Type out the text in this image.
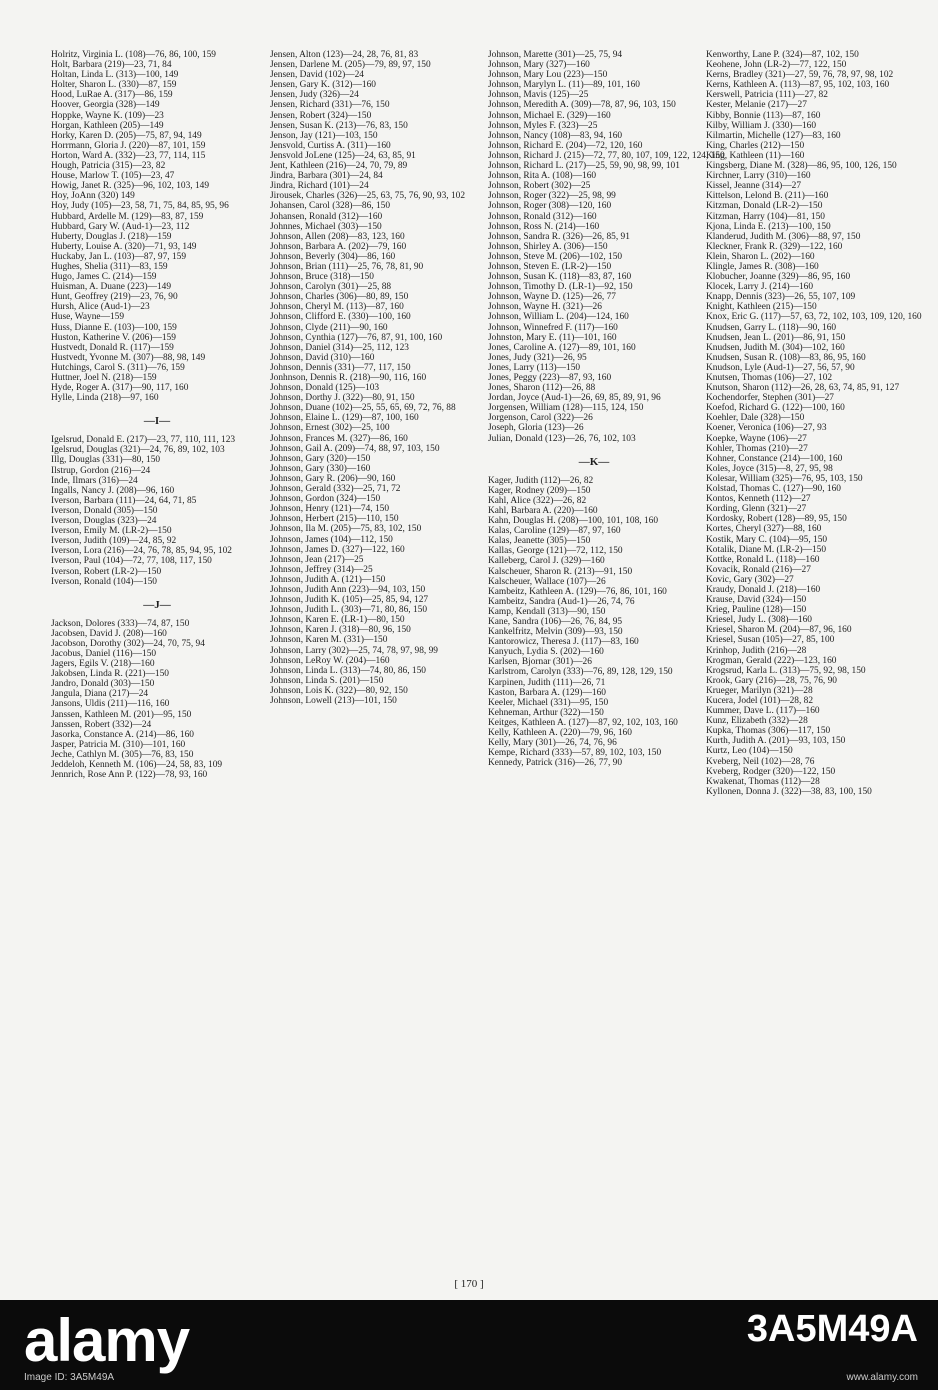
Holritz, Virginia L. (108)—76, 86, 100, 159
Holt, Barbara (219)—23, 71, 84
Holtan, Linda L. (313)—100, 149
Holter, Sharon L. (330)—87, 159
Hood, LuRae A. (317)—86, 159
Hoover, Georgia (328)—149
Hoppke, Wayne K. (109)—23
Horgan, Kathleen (205)—149
Horky, Karen D. (205)—75, 87, 94, 149
Horrmann, Gloria J. (220)—87, 101, 159
Horton, Ward A. (332)—23, 77, 114, 115
Hough, Patricia (315)—23, 82
House, Marlow T. (105)—23, 47
Howig, Janet R. (325)—96, 102, 103, 149
Hoy, JoAnn (320) 149
Hoy, Judy (105)—23, 58, 71, 75, 84, 85, 95, 96
Hubbard, Ardelle M. (129)—83, 87, 159
Hubbard, Gary W. (Aud-1)—23, 112
Huberty, Douglas J. (218)—159
Huberty, Louise A. (320)—71, 93, 149
Huckaby, Jan L. (103)—87, 97, 159
Hughes, Shelia (311)—83, 159
Hugo, James C. (214)—159
Huisman, A. Duane (223)—149
Hunt, Geoffrey (219)—23, 76, 90
Hursh, Alice (Aud-1)—23
Huse, Wayne—159
Huss, Dianne E. (103)—100, 159
Huston, Katherine V. (206)—159
Hustvedt, Donald R. (117)—159
Hustvedt, Yvonne M. (307)—88, 98, 149
Hutchings, Carol S. (311)—76, 159
Huttner, Joel N. (218)—159
Hyde, Roger A. (317)—90, 117, 160
Hylle, Linda (218)—97, 160
—I—
Igelsrud, Donald E. (217)—23, 77, 110, 111, 123
Igelsrud, Douglas (321)—24, 76, 89, 102, 103
Illg, Douglas (331)—80, 150
Ilstrup, Gordon (216)—24
Inde, Ilmars (316)—24
Ingalls, Nancy J. (208)—96, 160
Iverson, Barbara (111)—24, 64, 71, 85
Iverson, Donald (305)—150
Iverson, Douglas (323)—24
Iverson, Emily M. (LR-2)—150
Iverson, Judith (109)—24, 85, 92
Iverson, Lora (216)—24, 76, 78, 85, 94, 95, 102
Iverson, Paul (104)—72, 77, 108, 117, 150
Iverson, Robert (LR-2)—150
Iverson, Ronald (104)—150
—J—
Jackson, Dolores (333)—74, 87, 150
Jacobsen, David J. (208)—160
Jacobson, Dorothy (302)—24, 70, 75, 94
Jacobus, Daniel (116)—150
Jagers, Egils V. (218)—160
Jakobsen, Linda R. (221)—150
Jandro, Donald (303)—150
Jangula, Diana (217)—24
Jansons, Uldis (211)—116, 160
Janssen, Kathleen M. (201)—95, 150
Janssen, Robert (332)—24
Jasorka, Constance A. (214)—86, 160
Jasper, Patricia M. (310)—101, 160
Jeche, Cathlyn M. (305)—76, 83, 150
Jeddeloh, Kenneth M. (106)—24, 58, 83, 109
Jennrich, Rose Ann P. (122)—78, 93, 160
Jensen, Alton (123)—24, 28, 76, 81, 83
Jensen, Darlene M. (205)—79, 89, 97, 150
Jensen, David (102)—24
Jensen, Gary K. (312)—160
Jensen, Judy (326)—24
Jensen, Richard (331)—76, 150
Jensen, Robert (324)—150
Jensen, Susan K. (213)—76, 83, 150
Jenson, Jay (121)—103, 150
Jensvold, Curtiss A. (311)—160
Jensvold JoLene (125)—24, 63, 85, 91
Jent, Kathleen (216)—24, 70, 79, 89
Jindra, Barbara (301)—24, 84
Jindra, Richard (101)—24
Jirousek, Charles (326)—25, 63, 75, 76, 90, 93, 102
Johansen, Carol (328)—86, 150
Johansen, Ronald (312)—160
Johnnes, Michael (303)—150
Johnson, Allen (208)—83, 123, 160
Johnson, Barbara A. (202)—79, 160
Johnson, Beverly (304)—86, 160
Johnson, Brian (111)—25, 76, 78, 81, 90
Johnson, Bruce (318)—150
Johnson, Carolyn (301)—25, 88
Johnson, Charles (306)—80, 89, 150
Johnson, Cheryl M. (113)—87, 160
Johnson, Clifford E. (330)—100, 160
Johnson, Clyde (211)—90, 160
Johnson, Cynthia (127)—76, 87, 91, 100, 160
Johnson, Daniel (314)—25, 112, 123
Johnson, David (310)—160
Johnson, Dennis (331)—77, 117, 150
Jonhnson, Dennis R. (218)—90, 116, 160
Johnson, Donald (125)—103
Johnson, Dorthy J. (322)—80, 91, 150
Johnson, Duane (102)—25, 55, 65, 69, 72, 76, 88
Johnson, Elaine L. (129)—87, 100, 160
Johnson, Ernest (302)—25, 100
Johnson, Frances M. (327)—86, 160
Johnson, Gail A. (209)—74, 88, 97, 103, 150
Johnson, Gary (320)—150
Johnson, Gary (330)—160
Johnson, Gary R. (206)—90, 160
Johnson, Gerald (332)—25, 71, 72
Johnson, Gordon (324)—150
Johnson, Henry (121)—74, 150
Johnson, Herbert (215)—110, 150
Johnson, Ila M. (205)—75, 83, 102, 150
Johnson, James (104)—112, 150
Johnson, James D. (327)—122, 160
Johnson, Jean (217)—25
Johnson, Jeffrey (314)—25
Johnson, Judith A. (121)—150
Johnson, Judith Ann (223)—94, 103, 150
Johnson, Judith K. (105)—25, 85, 94, 127
Johnson, Judith L. (303)—71, 80, 86, 150
Johnson, Karen E. (LR-1)—80, 150
Johnson, Karen J. (318)—80, 96, 150
Johnson, Karen M. (331)—150
Johnson, Larry (302)—25, 74, 78, 97, 98, 99
Johnson, LeRoy W. (204)—160
Johnson, Linda L. (313)—74, 80, 86, 150
Johnson, Linda S. (201)—150
Johnson, Lois K. (322)—80, 92, 150
Johnson, Lowell (213)—101, 150
Johnson, Marette (301)—25, 75, 94
Johnson, Mary (327)—160
Johnson, Mary Lou (223)—150
Johnson, Marylyn L. (11)—89, 101, 160
Johnson, Mavis (125)—25
Johnson, Meredith A. (309)—78, 87, 96, 103, 150
Johnson, Michael E. (329)—160
Johnson, Myles F. (323)—25
Johnson, Nancy (108)—83, 94, 160
Johnson, Richard E. (204)—72, 120, 160
Johnson, Richard J. (215)—72, 77, 80, 107, 109, 122, 124, 150
Johnson, Richard L. (217)—25, 59, 90, 98, 99, 101
Johnson, Rita A. (108)—160
Johnson, Robert (302)—25
Johnson, Roger (322)—25, 98, 99
Johnson, Roger (308)—120, 160
Johnson, Ronald (312)—160
Johnson, Ross N. (214)—160
Johnson, Sandra R. (326)—26, 85, 91
Johnson, Shirley A. (306)—150
Johnson, Steve M. (206)—102, 150
Johnson, Steven E. (LR-2)—150
Johnson, Susan K. (118)—83, 87, 160
Johnson, Timothy D. (LR-1)—92, 150
Johnson, Wayne D. (125)—26, 77
Johnson, Wayne H. (321)—26
Johnson, William L. (204)—124, 160
Johnson, Winnefred F. (117)—160
Johnston, Mary E. (11)—101, 160
Jones, Caroline A. (127)—89, 101, 160
Jones, Judy (321)—26, 95
Jones, Larry (113)—150
Jones, Peggy (223)—87, 93, 160
Jones, Sharon (112)—26, 88
Jordan, Joyce (Aud-1)—26, 69, 85, 89, 91, 96
Jorgensen, William (128)—115, 124, 150
Jorgenson, Carol (322)—26
Joseph, Gloria (123)—26
Julian, Donald (123)—26, 76, 102, 103
—K—
Kager, Judith (112)—26, 82
Kager, Rodney (209)—150
Kahl, Alice (322)—26, 82
Kahl, Barbara A. (220)—160
Kahn, Douglas H. (208)—100, 101, 108, 160
Kalas, Caroline (129)—87, 97, 160
Kalas, Jeanette (305)—150
Kallas, George (121)—72, 112, 150
Kalleberg, Carol J. (329)—160
Kalscheuer, Sharon R. (213)—91, 150
Kalscheuer, Wallace (107)—26
Kambeitz, Kathleen A. (129)—76, 86, 101, 160
Kambeitz, Sandra (Aud-1)—26, 74, 76
Kamp, Kendall (313)—90, 150
Kane, Sandra (106)—26, 76, 84, 95
Kankelfritz, Melvin (309)—93, 150
Kantorowicz, Theresa J. (117)—83, 160
Kanyuch, Lydia S. (202)—160
Karlsen, Bjornar (301)—26
Karlstrom, Carolyn (333)—76, 89, 128, 129, 150
Karpinen, Judith (111)—26, 71
Kaston, Barbara A. (129)—160
Keeler, Michael (331)—95, 150
Kehneman, Arthur (322)—150
Keitges, Kathleen A. (127)—87, 92, 102, 103, 160
Kelly, Kathleen A. (220)—79, 96, 160
Kelly, Mary (301)—26, 74, 76, 96
Kempe, Richard (333)—57, 89, 102, 103, 150
Kennedy, Patrick (316)—26, 77, 90
Kenworthy, Lane P. (324)—87, 102, 150
Keohene, John (LR-2)—77, 122, 150
Kerns, Bradley (321)—27, 59, 76, 78, 97, 98, 102
Kerns, Kathleen A. (113)—87, 95, 102, 103, 160
Kerswell, Patricia (111)—27, 82
Kester, Melanie (217)—27
Kibby, Bonnie (113)—87, 160
Kilby, William J. (330)—160
Kilmartin, Michelle (127)—83, 160
King, Charles (212)—150
King, Kathleen (11)—160
Kingsberg, Diane M. (328)—86, 95, 100, 126, 150
Kirchner, Larry (310)—160
Kissel, Jeanne (314)—27
Kittelson, Lelond B. (211)—160
Kitzman, Donald (LR-2)—150
Kitzman, Harry (104)—81, 150
Kjona, Linda E. (213)—100, 150
Klanderud, Judith M. (306)—88, 97, 150
Kleckner, Frank R. (329)—122, 160
Klein, Sharon L. (202)—160
Klingle, James R. (308)—160
Klobucher, Joanne (329)—86, 95, 160
Klocek, Larry J. (214)—160
Knapp, Dennis (323)—26, 55, 107, 109
Knight, Kathleen (215)—150
Knox, Eric G. (117)—57, 63, 72, 102, 103, 109, 120, 160
Knudsen, Garry L. (118)—90, 160
Knudsen, Jean L. (201)—86, 91, 150
Knudsen, Judith M. (304)—102, 160
Knudsen, Susan R. (108)—83, 86, 95, 160
Knudson, Lyle (Aud-1)—27, 56, 57, 90
Knutsen, Thomas (106)—27, 102
Knutson, Sharon (112)—26, 28, 63, 74, 85, 91, 127
Kochendorfer, Stephen (301)—27
Koefod, Richard G. (122)—100, 160
Koehler, Dale (328)—150
Koener, Veronica (106)—27, 93
Koepke, Wayne (106)—27
Kohler, Thomas (210)—27
Kohner, Constance (214)—100, 160
Koles, Joyce (315)—8, 27, 95, 98
Kolesar, William (325)—76, 95, 103, 150
Kolstad, Thomas C. (127)—90, 160
Kontos, Kenneth (112)—27
Kording, Glenn (321)—27
Kordosky, Robert (128)—89, 95, 150
Kortes, Cheryl (327)—88, 160
Kostik, Mary C. (104)—95, 150
Kotalik, Diane M. (LR-2)—150
Kottke, Ronald L. (118)—160
Kovacik, Ronald (216)—27
Kovic, Gary (302)—27
Kraudy, Donald J. (218)—160
Krause, David (324)—150
Krieg, Pauline (128)—150
Kriesel, Judy L. (308)—160
Kriesel, Sharon M. (204)—87, 96, 160
Kriesel, Susan (105)—27, 85, 100
Krinhop, Judith (216)—28
Krogman, Gerald (222)—123, 160
Krogsrud, Karla L. (313)—75, 92, 98, 150
Krook, Gary (216)—28, 75, 76, 90
Krueger, Marilyn (321)—28
Kucera, Jodel (101)—28, 82
Kummer, Dave L. (117)—160
Kunz, Elizabeth (332)—28
Kupka, Thomas (306)—117, 150
Kurth, Judith A. (201)—93, 103, 150
Kurtz, Leo (104)—150
Kveberg, Neil (102)—28, 76
Kveberg, Rodger (320)—122, 150
Kwakenat, Thomas (112)—28
Kyllonen, Donna J. (322)—38, 83, 100, 150
[ 170 ]
alamy	3A5M49A
Image ID: 3A5M49A	www.alamy.com
